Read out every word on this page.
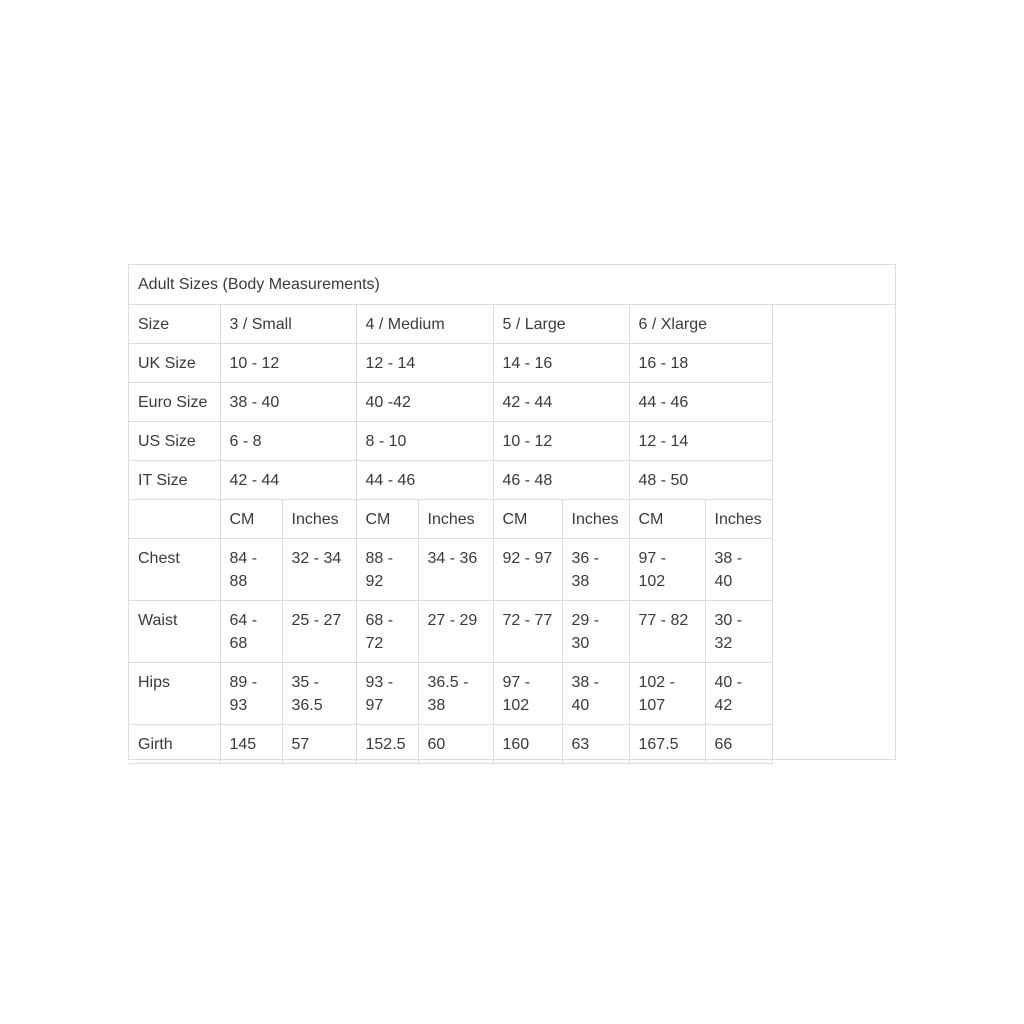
Adult Sizes (Body Measurements)									
Size	3 / Small		4 / Medium		5 / Large		6 / Xlarge		
UK Size	10 - 12		12 - 14		14 - 16		16 - 18		
Euro Size	38 - 40		40 -42		42 - 44		44 - 46		
US Size	6 - 8		8 - 10		10 - 12		12 - 14		
IT Size	42 - 44		44 - 46		46 - 48		48 - 50		
	CM	Inches	CM	Inches	CM	Inches	CM	Inches	
Chest	84 - 88	32 - 34	88 - 92	34 - 36	92 - 97	36 - 38	97 - 102	38 - 40	
Waist	64 - 68	25 - 27	68 - 72	27 - 29	72 - 77	29 - 30	77 - 82	30 - 32	
Hips	89 - 93	35 - 36.5	93 - 97	36.5 - 38	97 - 102	38 - 40	102 - 107	40 - 42	
Girth	145	57	152.5	60	160	63	167.5	66	
